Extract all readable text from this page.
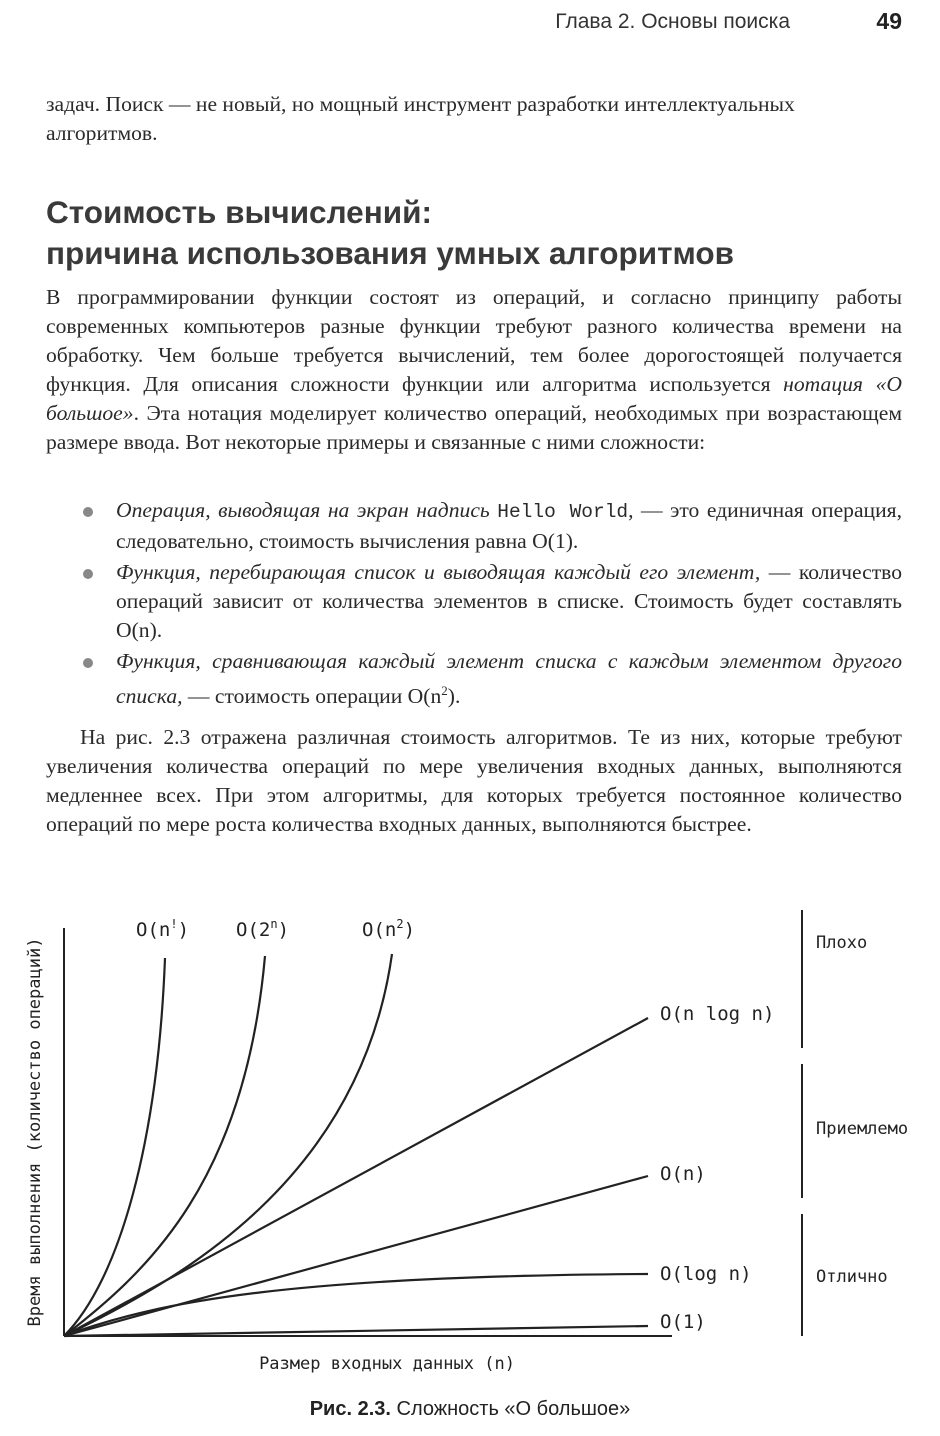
Глава 2. Основы поиска	49
задач. Поиск — не новый, но мощный инструмент разработки интеллектуальных алгоритмов.
Стоимость вычислений:
причина использования умных алгоритмов
В программировании функции состоят из операций, и согласно принципу работы современных компьютеров разные функции требуют разного количества времени на обработку. Чем больше требуется вычислений, тем более дорогостоящей получается функция. Для описания сложности функции или алгоритма используется нотация «О большое». Эта нотация моделирует количество операций, необходимых при возрастающем размере ввода. Вот некоторые примеры и связанные с ними сложности:
Операция, выводящая на экран надпись Hello World, — это единичная операция, следовательно, стоимость вычисления равна O(1).
Функция, перебирающая список и выводящая каждый его элемент, — количество операций зависит от количества элементов в списке. Стоимость будет составлять O(n).
Функция, сравнивающая каждый элемент списка с каждым элементом другого списка, — стоимость операции $O(n^2)$.
На рис. 2.3 отражена различная стоимость алгоритмов. Те из них, которые требуют увеличения количества операций по мере увеличения входных данных, выполняются медленнее всех. При этом алгоритмы, для которых требуется постоянное количество операций по мере роста количества входных данных, выполняются быстрее.
O(n!) O(2$^n$)	$O(n^2)$
O(n log n)
O(n)
O(log n)
O(1)
Плохо
Приемлемо
Отлично
Время выполнения (количество операций)
Размер входных данных (n)
Рис. 2.3. Сложность «О большое»
